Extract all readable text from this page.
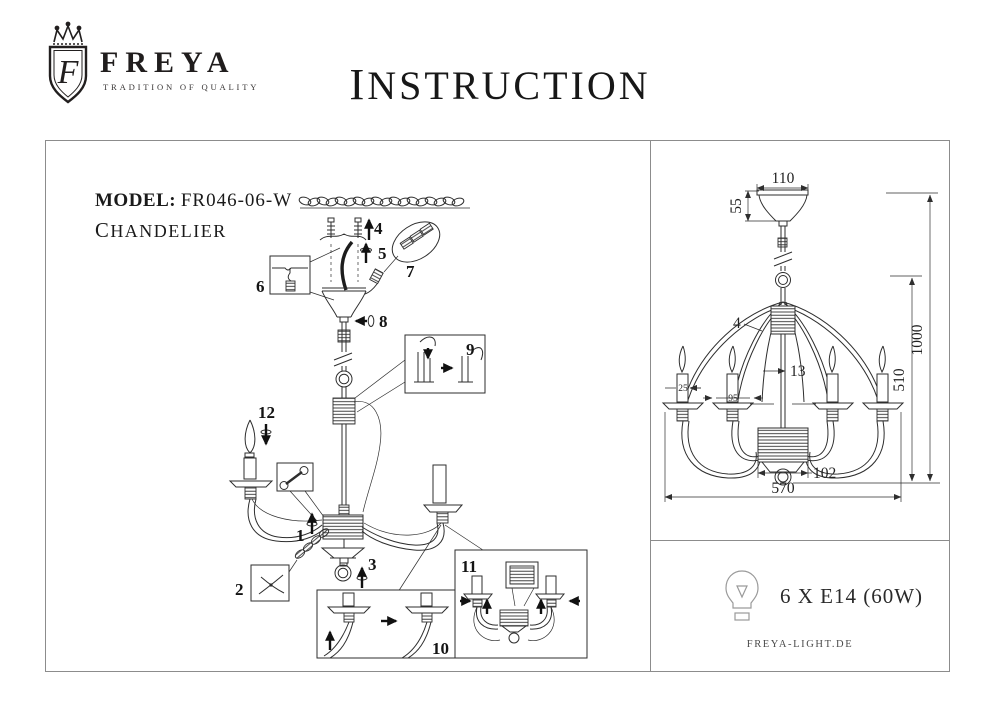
F FREYA
TRADITION OF QUALITY	INSTRUCTION
MODEL: FR046-06-W
CHANDELIER	4
5
6
7
8
9
12
1
3
2
10
11
110
55
13
4
25
95
102
570
510
1000
6 X E14 (60W)
FREYA-LIGHT.DE
